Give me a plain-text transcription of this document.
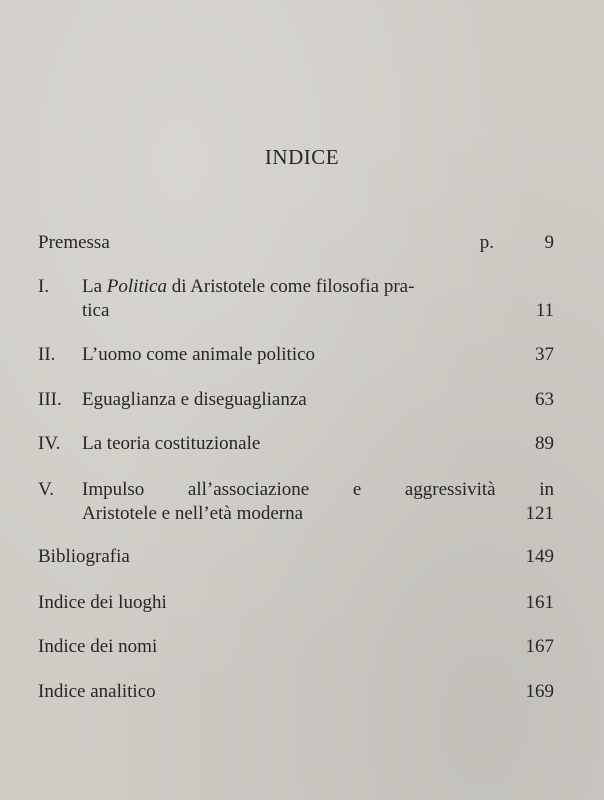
INDICE
Premessa	p.	9
I. La Politica di Aristotele come filosofia pra-
tica	11
II. L’uomo come animale politico	37
III. Eguaglianza e diseguaglianza	63
IV. La teoria costituzionale	89
V. Impulso all’associazione e aggressività in
Aristotele e nell’età moderna	121
Bibliografia	149
Indice dei luoghi	161
Indice dei nomi	167
Indice analitico	169
